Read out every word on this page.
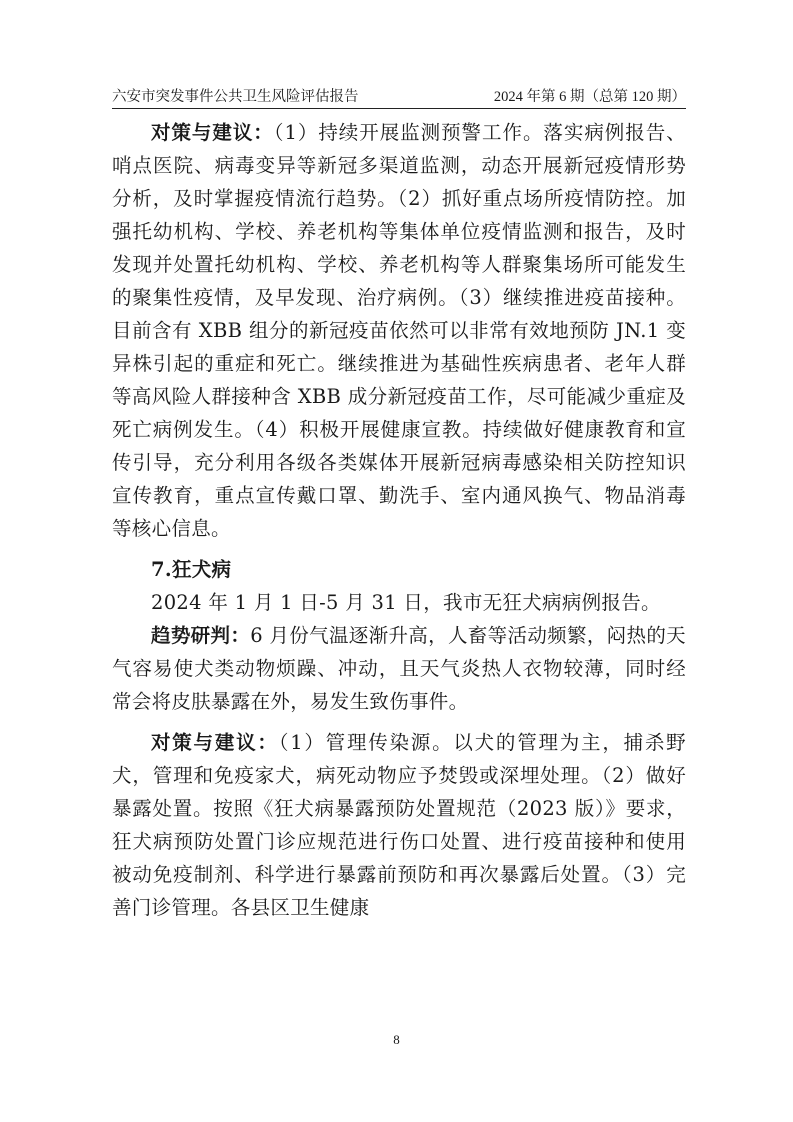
六安市突发事件公共卫生风险评估报告	2024 年第 6 期（总第 120 期）

对策与建议：（1）持续开展监测预警工作。落实病例报告、哨点医院、病毒变异等新冠多渠道监测，动态开展新冠疫情形势分析，及时掌握疫情流行趋势。（2）抓好重点场所疫情防控。加强托幼机构、学校、养老机构等集体单位疫情监测和报告，及时发现并处置托幼机构、学校、养老机构等人群聚集场所可能发生的聚集性疫情，及早发现、治疗病例。（3）继续推进疫苗接种。目前含有 XBB 组分的新冠疫苗依然可以非常有效地预防 JN.1 变异株引起的重症和死亡。继续推进为基础性疾病患者、老年人群等高风险人群接种含 XBB 成分新冠疫苗工作，尽可能减少重症及死亡病例发生。（4）积极开展健康宣教。持续做好健康教育和宣传引导，充分利用各级各类媒体开展新冠病毒感染相关防控知识宣传教育，重点宣传戴口罩、勤洗手、室内通风换气、物品消毒等核心信息。

7.狂犬病

2024 年 1 月 1 日-5 月 31 日，我市无狂犬病病例报告。

趋势研判：6 月份气温逐渐升高，人畜等活动频繁，闷热的天气容易使犬类动物烦躁、冲动，且天气炎热人衣物较薄，同时经常会将皮肤暴露在外，易发生致伤事件。

对策与建议：（1）管理传染源。以犬的管理为主，捕杀野犬，管理和免疫家犬，病死动物应予焚毁或深埋处理。（2）做好暴露处置。按照《狂犬病暴露预防处置规范（2023 版）》要求，狂犬病预防处置门诊应规范进行伤口处置、进行疫苗接种和使用被动免疫制剂、科学进行暴露前预防和再次暴露后处置。（3）完善门诊管理。各县区卫生健康

8
